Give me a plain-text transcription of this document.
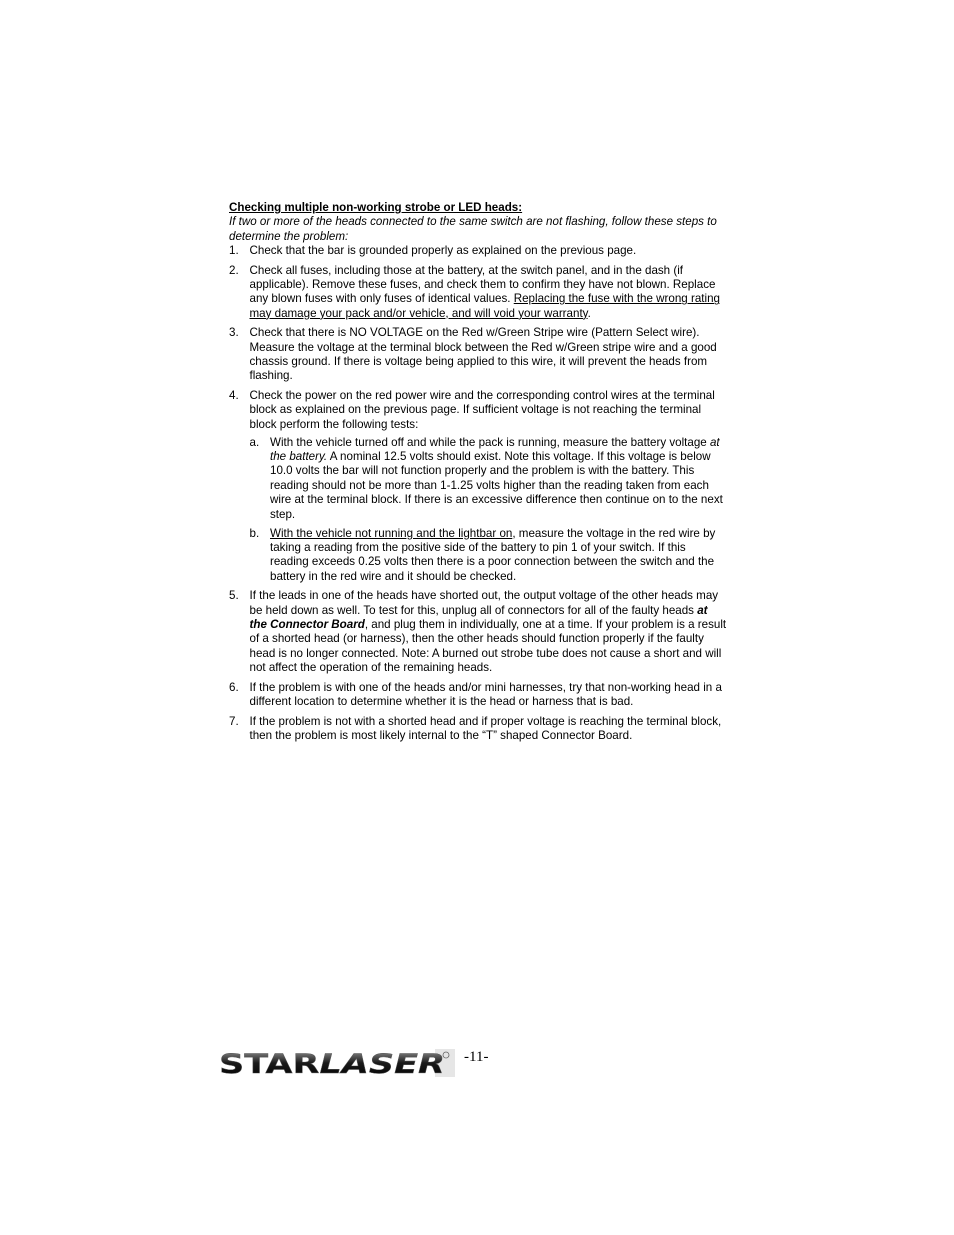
Checking multiple non-working strobe or LED heads:
If two or more of the heads connected to the same switch are not flashing, follow these steps to determine the problem:
1. Check that the bar is grounded properly as explained on the previous page.
2. Check all fuses, including those at the battery, at the switch panel, and in the dash (if applicable). Remove these fuses, and check them to confirm they have not blown. Replace any blown fuses with only fuses of identical values. Replacing the fuse with the wrong rating may damage your pack and/or vehicle, and will void your warranty.
3. Check that there is NO VOLTAGE on the Red w/Green Stripe wire (Pattern Select wire). Measure the voltage at the terminal block between the Red w/Green stripe wire and a good chassis ground. If there is voltage being applied to this wire, it will prevent the heads from flashing.
4. Check the power on the red power wire and the corresponding control wires at the terminal block as explained on the previous page. If sufficient voltage is not reaching the terminal block perform the following tests:
a. With the vehicle turned off and while the pack is running, measure the battery voltage at the battery. A nominal 12.5 volts should exist. Note this voltage. If this voltage is below 10.0 volts the bar will not function properly and the problem is with the battery. This reading should not be more than 1-1.25 volts higher than the reading taken from each wire at the terminal block. If there is an excessive difference then continue on to the next step.
b. With the vehicle not running and the lightbar on, measure the voltage in the red wire by taking a reading from the positive side of the battery to pin 1 of your switch. If this reading exceeds 0.25 volts then there is a poor connection between the switch and the battery in the red wire and it should be checked.
5. If the leads in one of the heads have shorted out, the output voltage of the other heads may be held down as well. To test for this, unplug all of connectors for all of the faulty heads at the Connector Board, and plug them in individually, one at a time. If your problem is a result of a shorted head (or harness), then the other heads should function properly if the faulty head is no longer connected. Note: A burned out strobe tube does not cause a short and will not affect the operation of the remaining heads.
6. If the problem is with one of the heads and/or mini harnesses, try that non-working head in a different location to determine whether it is the head or harness that is bad.
7. If the problem is not with a shorted head and if proper voltage is reaching the terminal block, then the problem is most likely internal to the “T” shaped Connector Board.
STAR LASER	-11-
